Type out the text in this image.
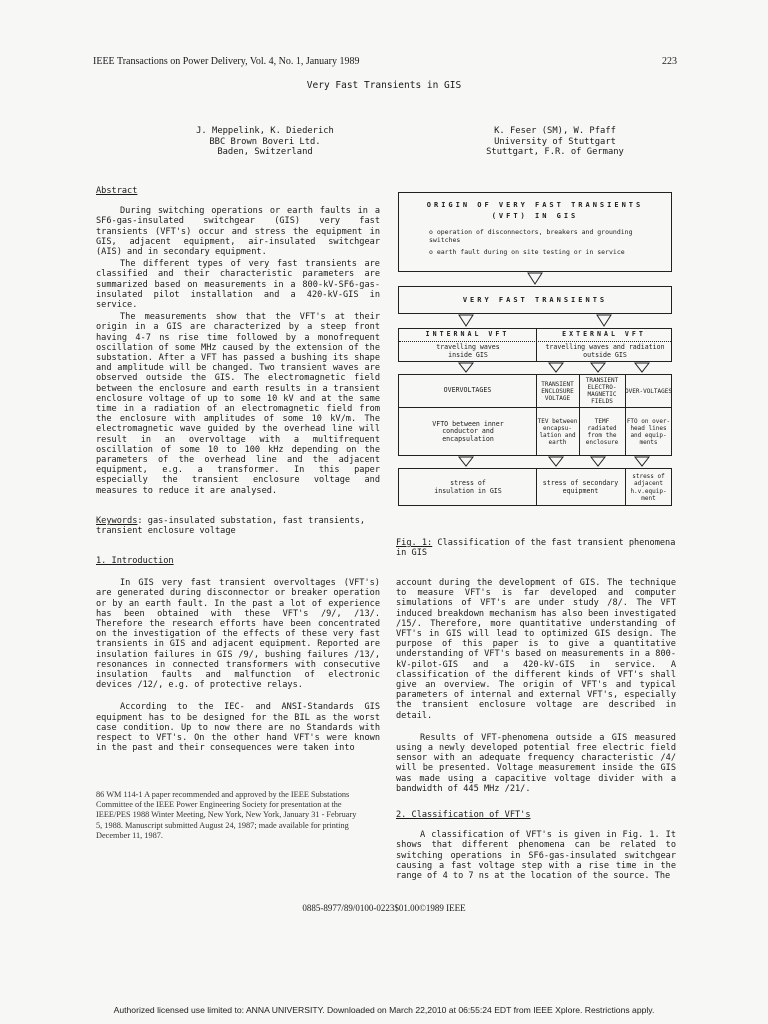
IEEE Transactions on Power Delivery, Vol. 4, No. 1, January 1989	223
Very Fast Transients in GIS
J. Meppelink, K. Diederich
BBC Brown Boveri Ltd.
Baden, Switzerland
K. Feser (SM), W. Pfaff
University of Stuttgart
Stuttgart, F.R. of Germany

Abstract

During switching operations or earth faults in a SF6-gas-insulated switchgear (GIS) very fast transients (VFT's) occur and stress the equipment in GIS, adjacent equipment, air-insulated switchgear (AIS) and in secondary equipment.

The different types of very fast transients are classified and their characteristic parameters are summarized based on measurements in a 800-kV-SF6-gas-insulated pilot installation and a 420-kV-GIS in service.

The measurements show that the VFT's at their origin in a GIS are characterized by a steep front having 4-7 ns rise time followed by a monofrequent oscillation of some MHz caused by the extension of the substation. After a VFT has passed a bushing its shape and amplitude will be changed. Two transient waves are observed outside the GIS. The electromagnetic field between the enclosure and earth results in a transient enclosure voltage of up to some 10 kV and at the same time in a radiation of an electromagnetic field from the enclosure with amplitudes of some 10 kV/m. The electromagnetic wave guided by the overhead line will result in an overvoltage with a multifrequent oscillation of some 10 to 100 kHz depending on the parameters of the overhead line and the adjacent equipment, e.g. a transformer. In this paper especially the transient enclosure voltage and measures to reduce it are analysed.

Keywords: gas-insulated substation, fast transients, transient enclosure voltage

1. Introduction

In GIS very fast transient overvoltages (VFT's) are generated during disconnector or breaker operation or by an earth fault. In the past a lot of experience has been obtained with these VFT's /9/, /13/. Therefore the research efforts have been concentrated on the investigation of the effects of these very fast transients in GIS and adjacent equipment. Reported are insulation failures in GIS /9/, bushing failures /13/, resonances in connected transformers with consecutive insulation faults and malfunction of electronic devices /12/, e.g. of protective relays.

According to the IEC- and ANSI-Standards GIS equipment has to be designed for the BIL as the worst case condition. Up to now there are no Standards with respect to VFT's. On the other hand VFT's were known in the past and their consequences were taken into

86 WM 114-1 A paper recommended and approved by the IEEE Substations Committee of the IEEE Power Engineering Society for presentation at the IEEE/PES 1988 Winter Meeting, New York, New York, January 31 - February 5, 1988. Manuscript submitted August 24, 1987; made available for printing December 11, 1987.
ORIGIN OF VERY FAST TRANSIENTS
(VFT) IN GIS
o operation of disconnectors, breakers and grounding switches
o earth fault during on site testing or in service
VERY FAST TRANSIENTS
INTERNAL VFT	EXTERNAL VFT
travelling waves inside GIS
travelling waves and radiation outside GIS
OVERVOLTAGES
TRANSIENT ENCLOSURE VOLTAGE
TRANSIENT ELECTRO-MAGNETIC FIELDS
OVER-VOLTAGES
VFTO between inner conductor and encapsulation
TEV between encapsu-lation and earth
TEMF radiated from the enclosure
FTO on over-head lines and equip-ments
stress of insulation in GIS
stress of secondary equipment
stress of adjacent h.v.equip-ment
Fig. 1: Classification of the fast transient phenomena in GIS

account during the development of GIS. The technique to measure VFT's is far developed and computer simulations of VFT's are under study /8/. The VFT induced breakdown mechanism has also been investigated /15/. Therefore, more quantitative understanding of VFT's in GIS will lead to optimized GIS design. The purpose of this paper is to give a quantitative understanding of VFT's based on measurements in a 800-kV-pilot-GIS and a 420-kV-GIS in service. A classification of the different kinds of VFT's shall give an overview. The origin of VFT's and typical parameters of internal and external VFT's, especially the transient enclosure voltage are described in detail.

Results of VFT-phenomena outside a GIS measured using a newly developed potential free electric field sensor with an adequate frequency characteristic /4/ will be presented. Voltage measurement inside the GIS was made using a capacitive voltage divider with a bandwidth of 445 MHz /21/.

2. Classification of VFT's

A classification of VFT's is given in Fig. 1. It shows that different phenomena can be related to switching operations in SF6-gas-insulated switchgear causing a fast voltage step with a rise time in the range of 4 to 7 ns at the location of the source. The

0885-8977/89/0100-0223$01.00©1989 IEEE
Authorized licensed use limited to: ANNA UNIVERSITY. Downloaded on March 22,2010 at 06:55:24 EDT from IEEE Xplore. Restrictions apply.
